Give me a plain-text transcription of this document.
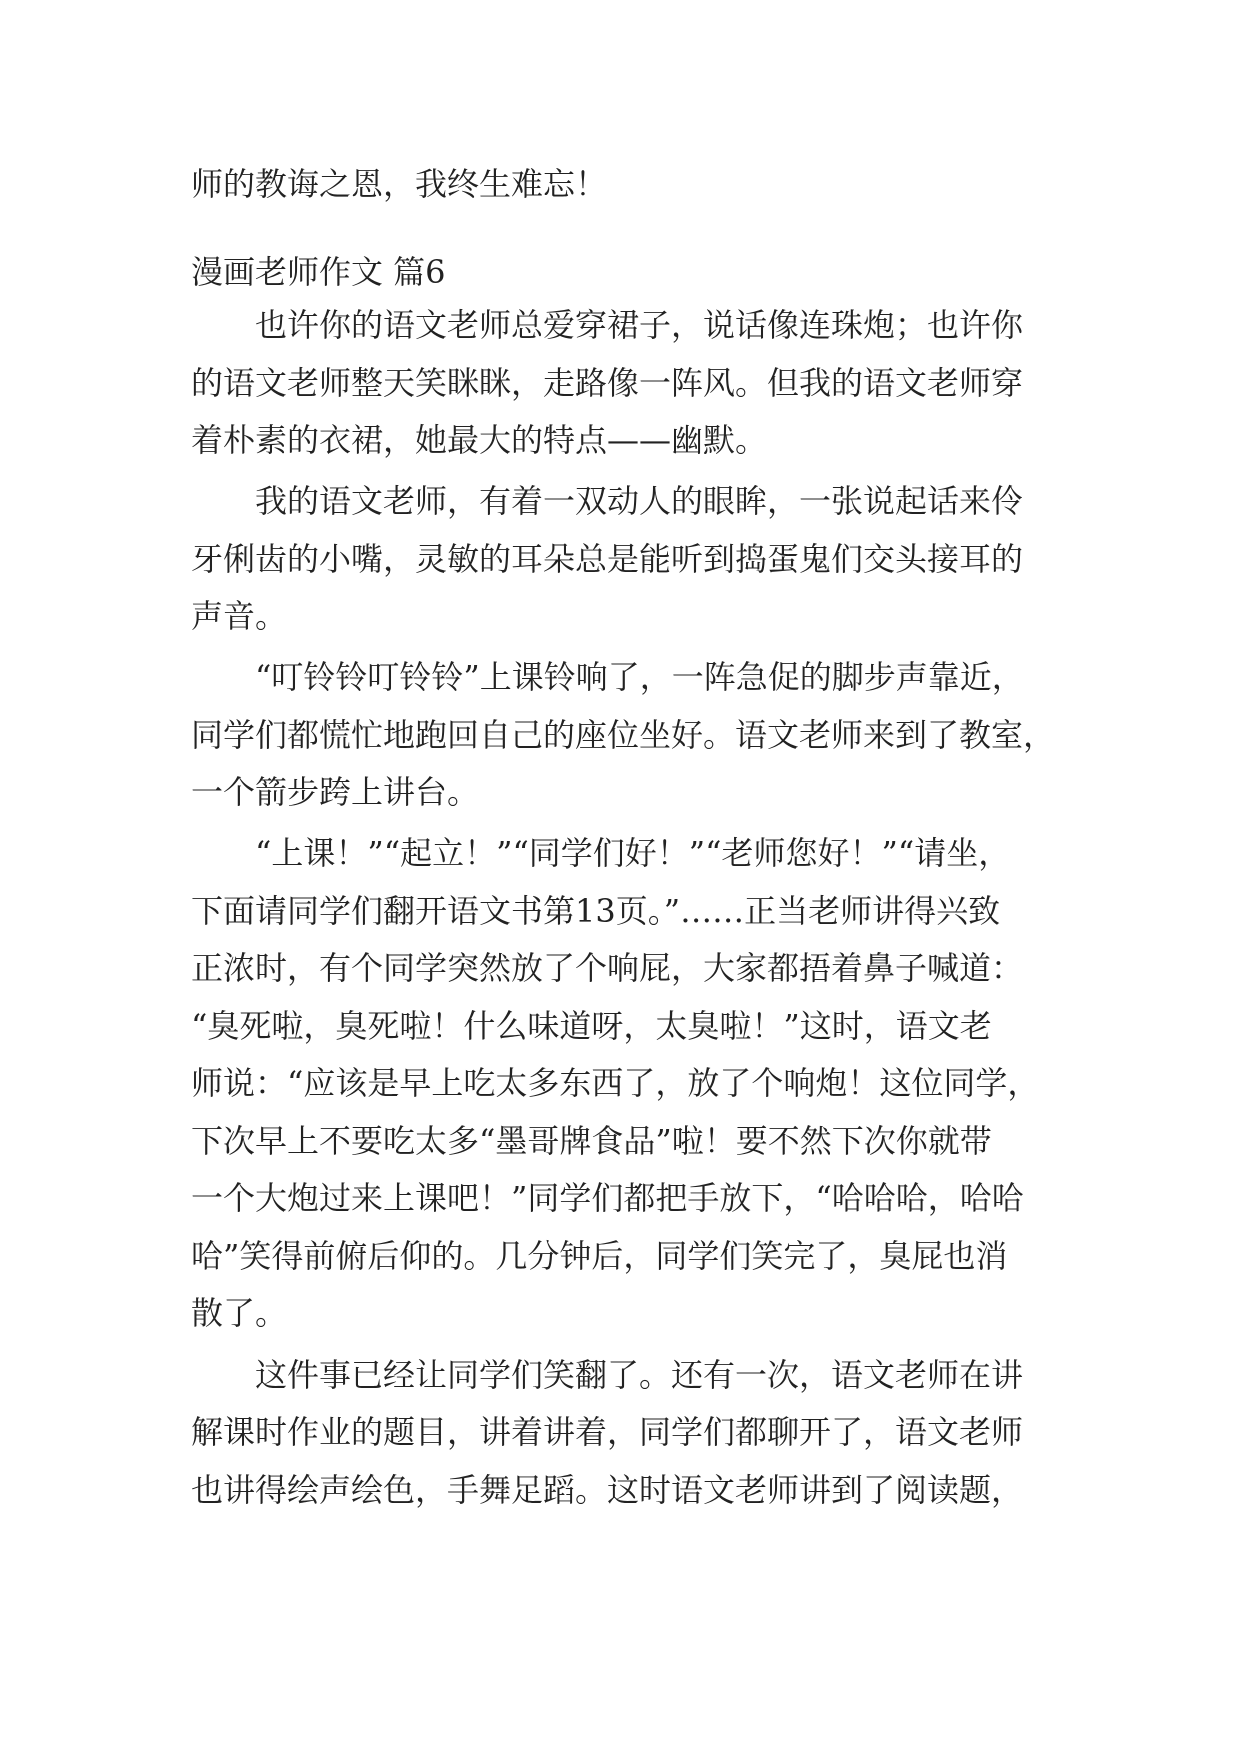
师的教诲之恩，我终生难忘！

漫画老师作文 篇6

也许你的语文老师总爱穿裙子，说话像连珠炮；也许你

的语文老师整天笑眯眯，走路像一阵风。但我的语文老师穿

着朴素的衣裙，她最大的特点——幽默。

我的语文老师，有着一双动人的眼眸，一张说起话来伶

牙俐齿的小嘴，灵敏的耳朵总是能听到捣蛋鬼们交头接耳的

声音。

“叮铃铃叮铃铃”上课铃响了，一阵急促的脚步声靠近，

同学们都慌忙地跑回自己的座位坐好。语文老师来到了教室，

一个箭步跨上讲台。

“上课！”“起立！”“同学们好！”“老师您好！”“请坐，

下面请同学们翻开语文书第13页。”……正当老师讲得兴致

正浓时，有个同学突然放了个响屁，大家都捂着鼻子喊道：

“臭死啦，臭死啦！什么味道呀，太臭啦！”这时，语文老

师说：“应该是早上吃太多东西了，放了个响炮！这位同学，

下次早上不要吃太多“墨哥牌食品”啦！要不然下次你就带

一个大炮过来上课吧！”同学们都把手放下，“哈哈哈，哈哈

哈”笑得前俯后仰的。几分钟后，同学们笑完了，臭屁也消

散了。

这件事已经让同学们笑翻了。还有一次，语文老师在讲

解课时作业的题目，讲着讲着，同学们都聊开了，语文老师

也讲得绘声绘色，手舞足蹈。这时语文老师讲到了阅读题，
